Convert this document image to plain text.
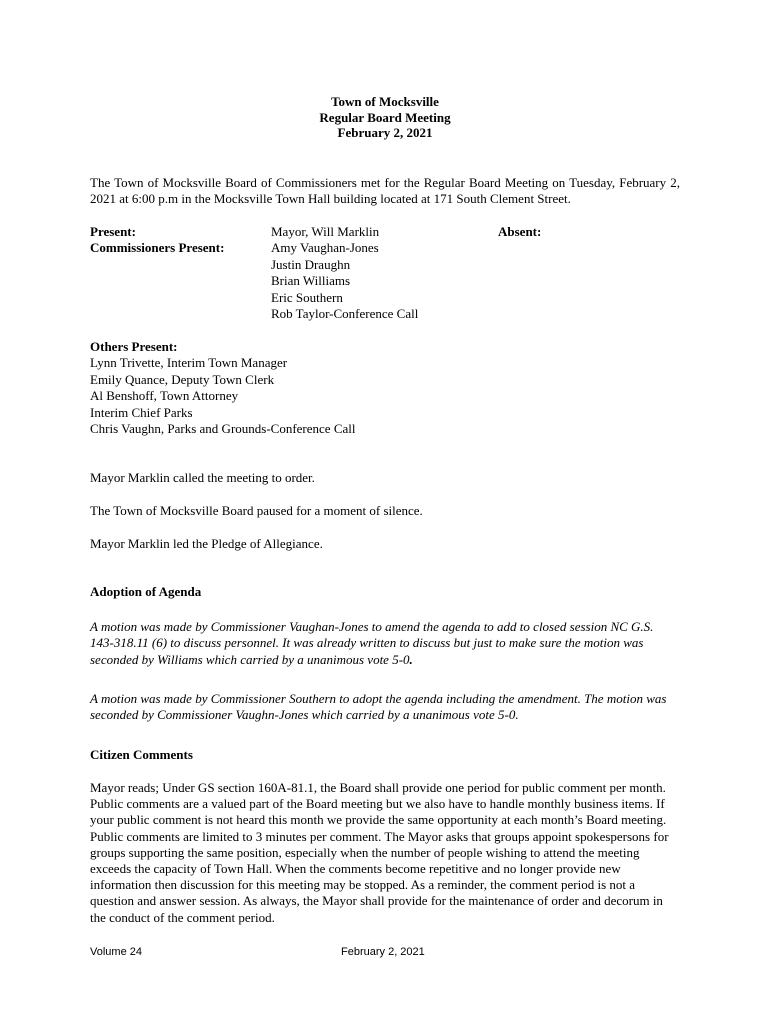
Town of Mocksville
Regular Board Meeting
February 2, 2021

The Town of Mocksville Board of Commissioners met for the Regular Board Meeting on Tuesday, February 2, 2021 at 6:00 p.m in the Mocksville Town Hall building located at 171 South Clement Street.

Present:
Commissioners Present:
Absent:
Mayor, Will Marklin
Amy Vaughan-Jones
Justin Draughn
Brian Williams
Eric Southern
Rob Taylor-Conference Call
Others Present:
Lynn Trivette, Interim Town Manager
Emily Quance, Deputy Town Clerk
Al Benshoff, Town Attorney
Interim Chief Parks
Chris Vaughn, Parks and Grounds-Conference Call

Mayor Marklin called the meeting to order.

The Town of Mocksville Board paused for a moment of silence.

Mayor Marklin led the Pledge of Allegiance.

Adoption of Agenda

A motion was made by Commissioner Vaughan-Jones to amend the agenda to add to closed session NC G.S. 143-318.11 (6) to discuss personnel. It was already written to discuss but just to make sure the motion was seconded by Williams which carried by a unanimous vote 5-0.

A motion was made by Commissioner Southern to adopt the agenda including the amendment. The motion was seconded by Commissioner Vaughn-Jones which carried by a unanimous vote 5-0.

Citizen Comments

Mayor reads; Under GS section 160A-81.1, the Board shall provide one period for public comment per month. Public comments are a valued part of the Board meeting but we also have to handle monthly business items. If your public comment is not heard this month we provide the same opportunity at each month’s Board meeting. Public comments are limited to 3 minutes per comment. The Mayor asks that groups appoint spokespersons for groups supporting the same position, especially when the number of people wishing to attend the meeting exceeds the capacity of Town Hall. When the comments become repetitive and no longer provide new information then discussion for this meeting may be stopped. As a reminder, the comment period is not a question and answer session. As always, the Mayor shall provide for the maintenance of order and decorum in the conduct of the comment period.

Volume 24	February 2, 2021
